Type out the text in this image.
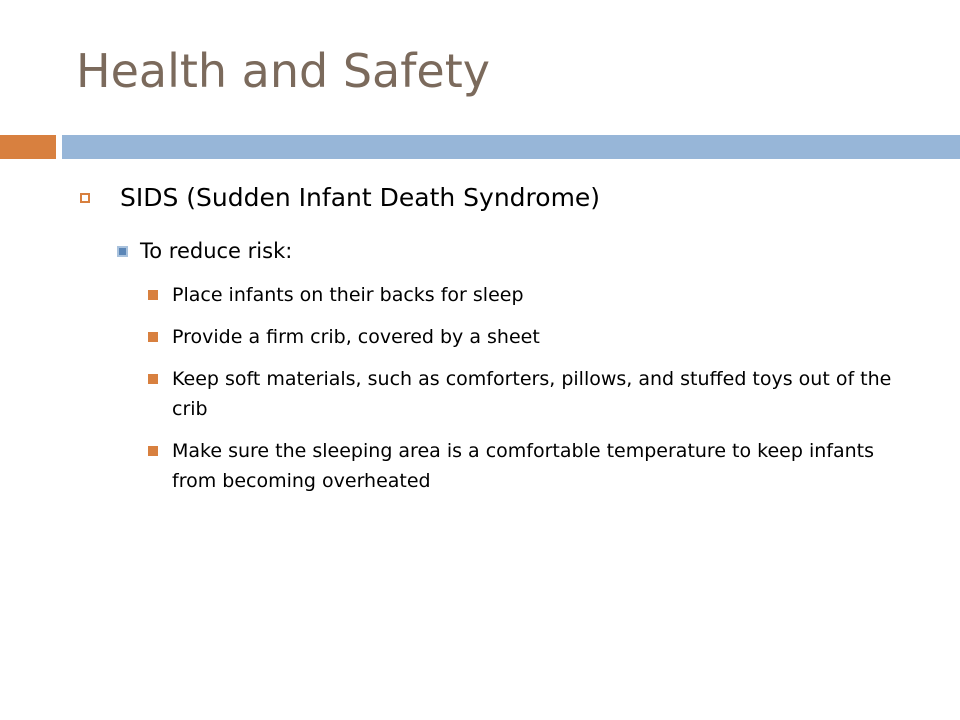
Health and Safety
SIDS (Sudden Infant Death Syndrome)
To reduce risk:
Place infants on their backs for sleep
Provide a firm crib, covered by a sheet
Keep soft materials, such as comforters, pillows, and stuffed toys out of the crib
Make sure the sleeping area is a comfortable temperature to keep infants from becoming overheated
